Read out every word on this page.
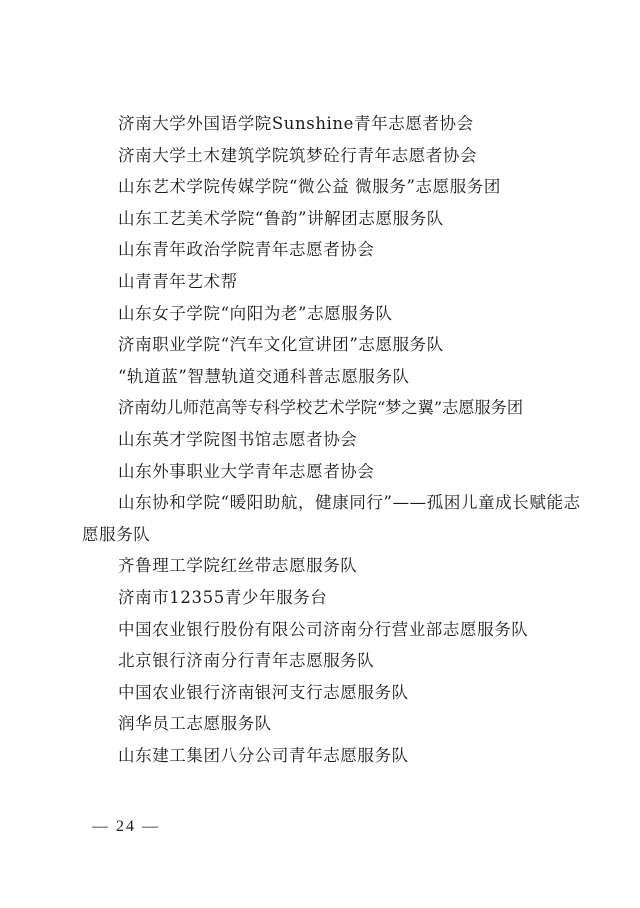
济南大学外国语学院Sunshine青年志愿者协会
济南大学土木建筑学院筑梦砼行青年志愿者协会
山东艺术学院传媒学院“微公益 微服务”志愿服务团
山东工艺美术学院“鲁韵”讲解团志愿服务队
山东青年政治学院青年志愿者协会
山青青年艺术帮
山东女子学院“向阳为老”志愿服务队
济南职业学院“汽车文化宣讲团”志愿服务队
“轨道蓝”智慧轨道交通科普志愿服务队
济南幼儿师范高等专科学校艺术学院“梦之翼”志愿服务团
山东英才学院图书馆志愿者协会
山东外事职业大学青年志愿者协会
山东协和学院“暖阳助航，健康同行”——孤困儿童成长赋能志愿服务队
齐鲁理工学院红丝带志愿服务队
济南市12355青少年服务台
中国农业银行股份有限公司济南分行营业部志愿服务队
北京银行济南分行青年志愿服务队
中国农业银行济南银河支行志愿服务队
润华员工志愿服务队
山东建工集团八分公司青年志愿服务队
— 24 —
